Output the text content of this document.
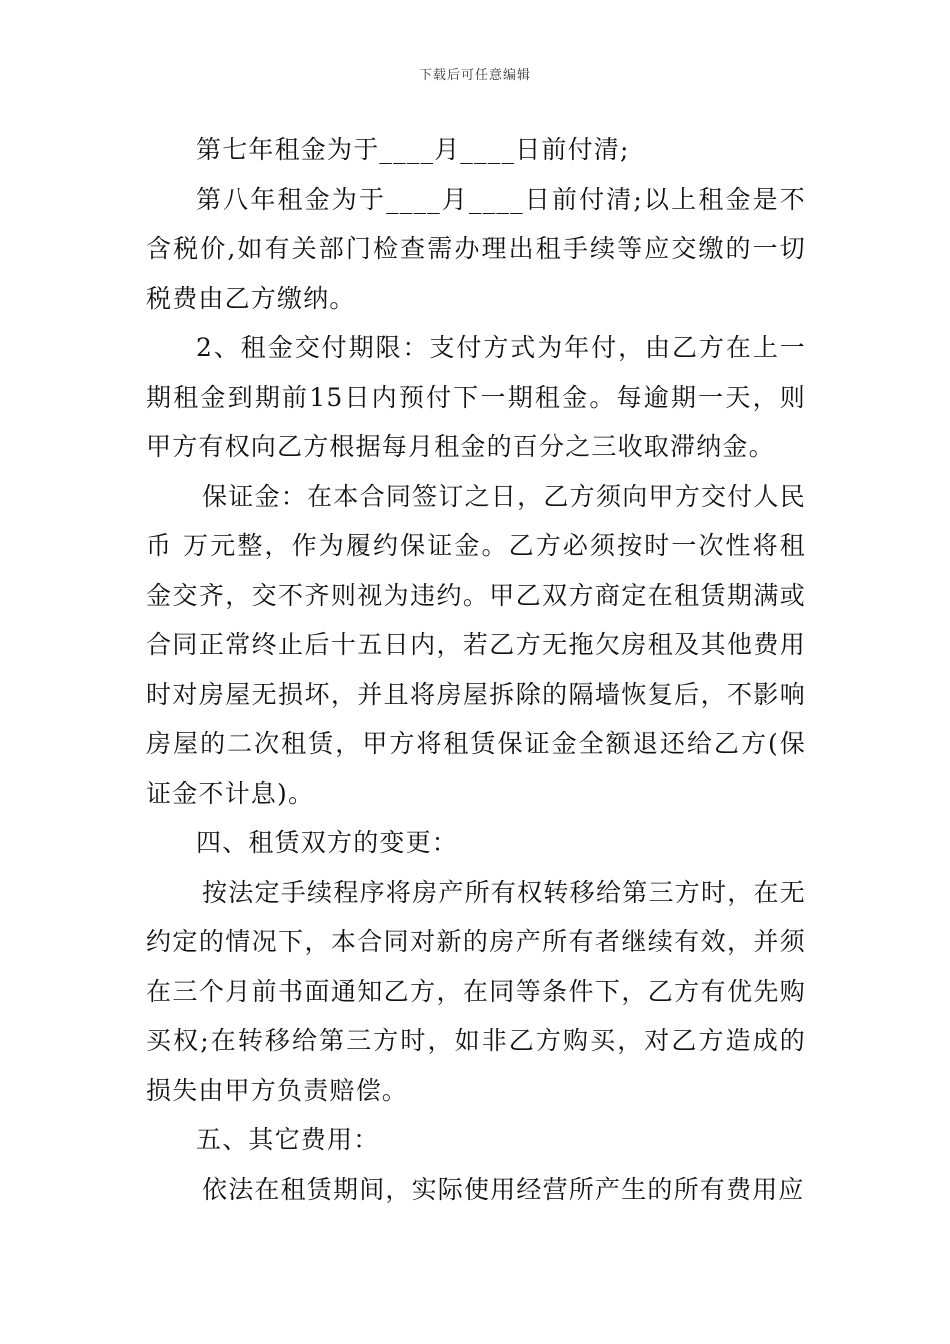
下载后可任意编辑

第七年租金为于____月____日前付清;

第八年租金为于____月____日前付清;以上租金是不含税价,如有关部门检查需办理出租手续等应交缴的一切税费由乙方缴纳。

2、租金交付期限：支付方式为年付，由乙方在上一期租金到期前15日内预付下一期租金。每逾期一天，则甲方有权向乙方根据每月租金的百分之三收取滞纳金。

保证金：在本合同签订之日，乙方须向甲方交付人民币 万元整，作为履约保证金。乙方必须按时一次性将租金交齐，交不齐则视为违约。甲乙双方商定在租赁期满或合同正常终止后十五日内，若乙方无拖欠房租及其他费用时对房屋无损坏，并且将房屋拆除的隔墙恢复后，不影响房屋的二次租赁，甲方将租赁保证金全额退还给乙方(保证金不计息)。

四、租赁双方的变更：

按法定手续程序将房产所有权转移给第三方时，在无约定的情况下，本合同对新的房产所有者继续有效，并须在三个月前书面通知乙方，在同等条件下，乙方有优先购买权;在转移给第三方时，如非乙方购买，对乙方造成的损失由甲方负责赔偿。

五、其它费用：

依法在租赁期间，实际使用经营所产生的所有费用应
